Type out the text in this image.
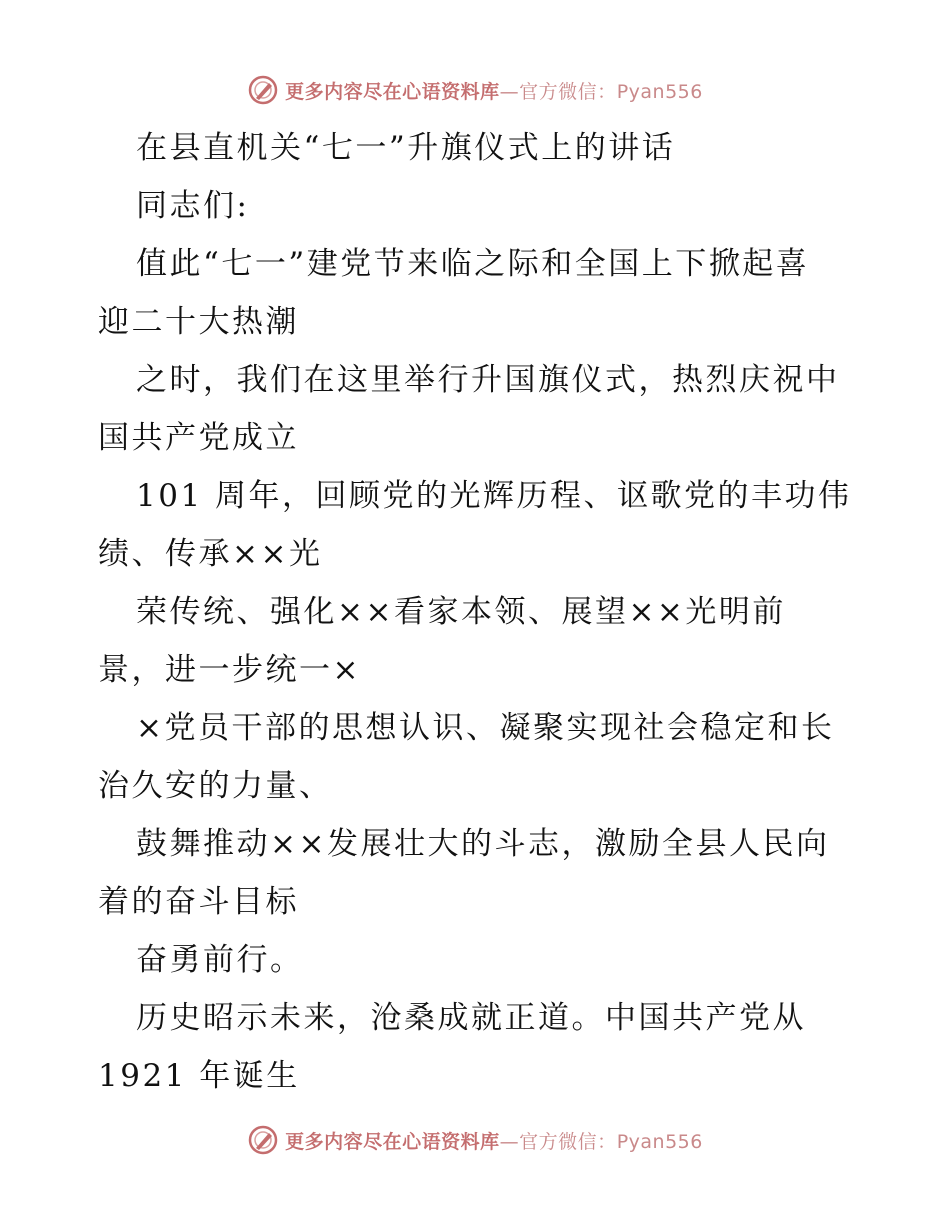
更多内容尽在心语资料库—官方微信：Pyan556
在县直机关“七一”升旗仪式上的讲话
同志们:
值此“七一”建党节来临之际和全国上下掀起喜
迎二十大热潮
之时，我们在这里举行升国旗仪式，热烈庆祝中
国共产党成立
101 周年，回顾党的光辉历程、讴歌党的丰功伟
绩、传承××光
荣传统、强化××看家本领、展望××光明前
景，进一步统一×
×党员干部的思想认识、凝聚实现社会稳定和长
治久安的力量、
鼓舞推动××发展壮大的斗志，激励全县人民向
着的奋斗目标
奋勇前行。
历史昭示未来，沧桑成就正道。中国共产党从
1921 年诞生
更多内容尽在心语资料库—官方微信：Pyan556
